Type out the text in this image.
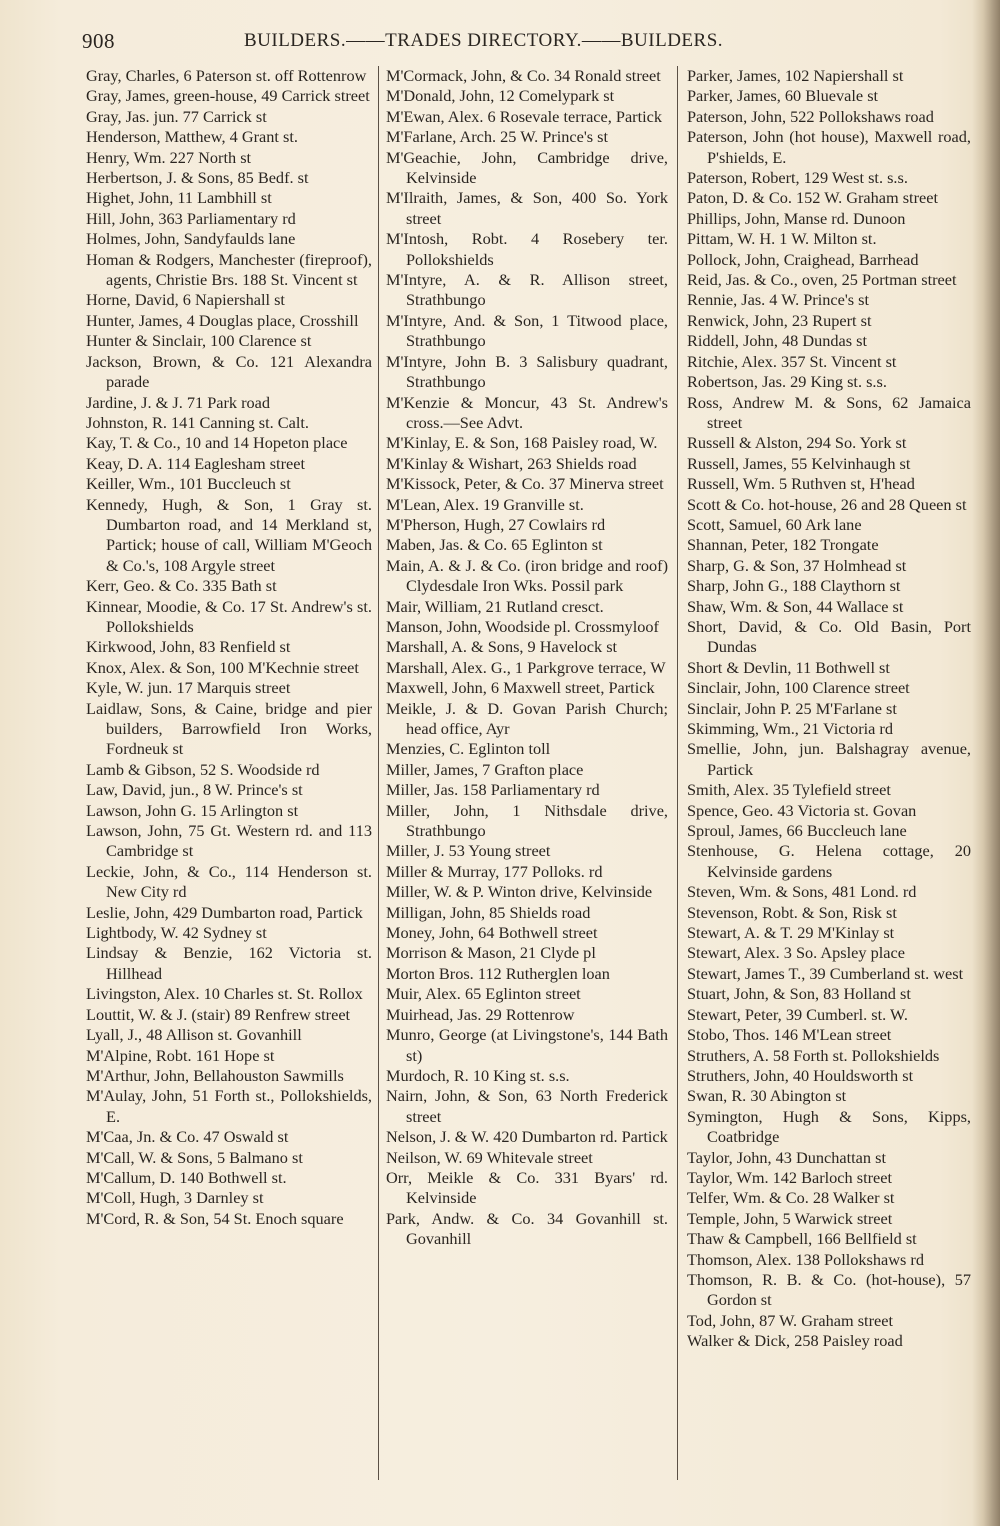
908	BUILDERS.——TRADES DIRECTORY.——BUILDERS.
Gray, Charles, 6 Paterson st. off Rottenrow
Gray, James, green-house, 49 Carrick street
Gray, Jas. jun. 77 Carrick st
Henderson, Matthew, 4 Grant st.
Henry, Wm. 227 North st
Herbertson, J. & Sons, 85 Bedf. st
Highet, John, 11 Lambhill st
Hill, John, 363 Parliamentary rd
Holmes, John, Sandyfaulds lane
Homan & Rodgers, Manchester (fireproof), agents, Christie Brs. 188 St. Vincent st
Horne, David, 6 Napiershall st
Hunter, James, 4 Douglas place, Crosshill
Hunter & Sinclair, 100 Clarence st
Jackson, Brown, & Co. 121 Alexandra parade
Jardine, J. & J. 71 Park road
Johnston, R. 141 Canning st. Calt.
Kay, T. & Co., 10 and 14 Hopeton place
Keay, D. A. 114 Eaglesham street
Keiller, Wm., 101 Buccleuch st
Kennedy, Hugh, & Son, 1 Gray st. Dumbarton road, and 14 Merkland st, Partick; house of call, William M'Geoch & Co.'s, 108 Argyle street
Kerr, Geo. & Co. 335 Bath st
Kinnear, Moodie, & Co. 17 St. Andrew's st. Pollokshields
Kirkwood, John, 83 Renfield st
Knox, Alex. & Son, 100 M'Kechnie street
Kyle, W. jun. 17 Marquis street
Laidlaw, Sons, & Caine, bridge and pier builders, Barrowfield Iron Works, Fordneuk st
Lamb & Gibson, 52 S. Woodside rd
Law, David, jun., 8 W. Prince's st
Lawson, John G. 15 Arlington st
Lawson, John, 75 Gt. Western rd. and 113 Cambridge st
Leckie, John, & Co., 114 Henderson st. New City rd
Leslie, John, 429 Dumbarton road, Partick
Lightbody, W. 42 Sydney st
Lindsay & Benzie, 162 Victoria st. Hillhead
Livingston, Alex. 10 Charles st. St. Rollox
Louttit, W. & J. (stair) 89 Renfrew street
Lyall, J., 48 Allison st. Govanhill
M'Alpine, Robt. 161 Hope st
M'Arthur, John, Bellahouston Sawmills
M'Aulay, John, 51 Forth st., Pollokshields, E.
M'Caa, Jn. & Co. 47 Oswald st
M'Call, W. & Sons, 5 Balmano st
M'Callum, D. 140 Bothwell st.
M'Coll, Hugh, 3 Darnley st
M'Cord, R. & Son, 54 St. Enoch square
M'Cormack, John, & Co. 34 Ronald street
M'Donald, John, 12 Comelypark st
M'Ewan, Alex. 6 Rosevale terrace, Partick
M'Farlane, Arch. 25 W. Prince's st
M'Geachie, John, Cambridge drive, Kelvinside
M'Ilraith, James, & Son, 400 So. York street
M'Intosh, Robt. 4 Rosebery ter. Pollokshields
M'Intyre, A. & R. Allison street, Strathbungo
M'Intyre, And. & Son, 1 Titwood place, Strathbungo
M'Intyre, John B. 3 Salisbury quadrant, Strathbungo
M'Kenzie & Moncur, 43 St. Andrew's cross.—See Advt.
M'Kinlay, E. & Son, 168 Paisley road, W.
M'Kinlay & Wishart, 263 Shields road
M'Kissock, Peter, & Co. 37 Minerva street
M'Lean, Alex. 19 Granville st.
M'Pherson, Hugh, 27 Cowlairs rd
Maben, Jas. & Co. 65 Eglinton st
Main, A. & J. & Co. (iron bridge and roof) Clydesdale Iron Wks. Possil park
Mair, William, 21 Rutland cresct.
Manson, John, Woodside pl. Crossmyloof
Marshall, A. & Sons, 9 Havelock st
Marshall, Alex. G., 1 Parkgrove terrace, W
Maxwell, John, 6 Maxwell street, Partick
Meikle, J. & D. Govan Parish Church; head office, Ayr
Menzies, C. Eglinton toll
Miller, James, 7 Grafton place
Miller, Jas. 158 Parliamentary rd
Miller, John, 1 Nithsdale drive, Strathbungo
Miller, J. 53 Young street
Miller & Murray, 177 Polloks. rd
Miller, W. & P. Winton drive, Kelvinside
Milligan, John, 85 Shields road
Money, John, 64 Bothwell street
Morrison & Mason, 21 Clyde pl
Morton Bros. 112 Rutherglen loan
Muir, Alex. 65 Eglinton street
Muirhead, Jas. 29 Rottenrow
Munro, George (at Livingstone's, 144 Bath st)
Murdoch, R. 10 King st. s.s.
Nairn, John, & Son, 63 North Frederick street
Nelson, J. & W. 420 Dumbarton rd. Partick
Neilson, W. 69 Whitevale street
Orr, Meikle & Co. 331 Byars' rd. Kelvinside
Park, Andw. & Co. 34 Govanhill st. Govanhill
Parker, James, 102 Napiershall st
Parker, James, 60 Bluevale st
Paterson, John, 522 Pollokshaws road
Paterson, John (hot house), Maxwell road, P'shields, E.
Paterson, Robert, 129 West st. s.s.
Paton, D. & Co. 152 W. Graham street
Phillips, John, Manse rd. Dunoon
Pittam, W. H. 1 W. Milton st.
Pollock, John, Craighead, Barrhead
Reid, Jas. & Co., oven, 25 Portman street
Rennie, Jas. 4 W. Prince's st
Renwick, John, 23 Rupert st
Riddell, John, 48 Dundas st
Ritchie, Alex. 357 St. Vincent st
Robertson, Jas. 29 King st. s.s.
Ross, Andrew M. & Sons, 62 Jamaica street
Russell & Alston, 294 So. York st
Russell, James, 55 Kelvinhaugh st
Russell, Wm. 5 Ruthven st, H'head
Scott & Co. hot-house, 26 and 28 Queen st
Scott, Samuel, 60 Ark lane
Shannan, Peter, 182 Trongate
Sharp, G. & Son, 37 Holmhead st
Sharp, John G., 188 Claythorn st
Shaw, Wm. & Son, 44 Wallace st
Short, David, & Co. Old Basin, Port Dundas
Short & Devlin, 11 Bothwell st
Sinclair, John, 100 Clarence street
Sinclair, John P. 25 M'Farlane st
Skimming, Wm., 21 Victoria rd
Smellie, John, jun. Balshagray avenue, Partick
Smith, Alex. 35 Tylefield street
Spence, Geo. 43 Victoria st. Govan
Sproul, James, 66 Buccleuch lane
Stenhouse, G. Helena cottage, 20 Kelvinside gardens
Steven, Wm. & Sons, 481 Lond. rd
Stevenson, Robt. & Son, Risk st
Stewart, A. & T. 29 M'Kinlay st
Stewart, Alex. 3 So. Apsley place
Stewart, James T., 39 Cumberland st. west
Stuart, John, & Son, 83 Holland st
Stewart, Peter, 39 Cumberl. st. W.
Stobo, Thos. 146 M'Lean street
Struthers, A. 58 Forth st. Pollokshields
Struthers, John, 40 Houldsworth st
Swan, R. 30 Abington st
Symington, Hugh & Sons, Kipps, Coatbridge
Taylor, John, 43 Dunchattan st
Taylor, Wm. 142 Barloch street
Telfer, Wm. & Co. 28 Walker st
Temple, John, 5 Warwick street
Thaw & Campbell, 166 Bellfield st
Thomson, Alex. 138 Pollokshaws rd
Thomson, R. B. & Co. (hot-house), 57 Gordon st
Tod, John, 87 W. Graham street
Walker & Dick, 258 Paisley road
